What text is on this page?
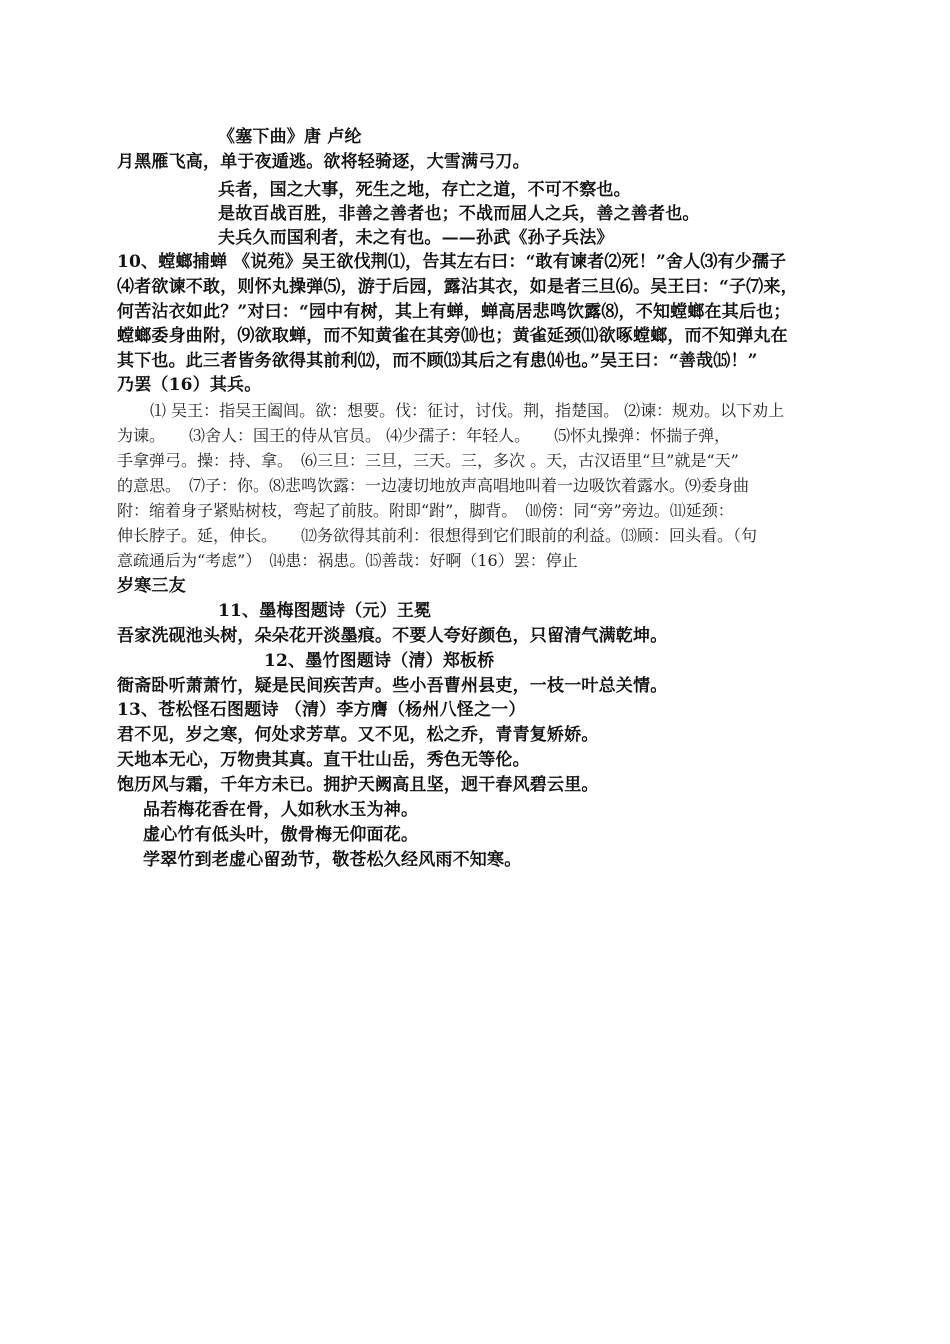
《塞下曲》唐 卢纶
月黑雁飞高，单于夜遁逃。欲将轻骑逐，大雪满弓刀。
兵者，国之大事，死生之地，存亡之道，不可不察也。
是故百战百胜，非善之善者也；不战而屈人之兵，善之善者也。
夫兵久而国利者，未之有也。——孙武《孙子兵法》
10、螳螂捕蝉 《说苑》吴王欲伐荆⑴，告其左右曰：“敢有谏者⑵死！”舍人⑶有少孺子
⑷者欲谏不敢，则怀丸操弹⑸，游于后园，露沾其衣，如是者三旦⑹。吴王曰：“子⑺来，
何苦沾衣如此？”对曰：“园中有树，其上有蝉，蝉高居悲鸣饮露⑻，不知螳螂在其后也；
螳螂委身曲附，⑼欲取蝉，而不知黄雀在其旁⑽也；黄雀延颈⑾欲啄螳螂，而不知弹丸在
其下也。此三者皆务欲得其前利⑿，而不顾⒀其后之有患⒁也。”吴王曰：“善哉⒂！”
乃罢（16）其兵。
⑴ 吴王：指吴王阖闾。欲：想要。伐：征讨，讨伐。荆，指楚国。 ⑵谏：规劝。以下劝上
为谏。　　⑶舍人：国王的侍从官员。 ⑷少孺子：年轻人。　　⑸怀丸操弹：怀揣子弹，
手拿弹弓。操：持、拿。　⑹三旦：三旦，三天。三，多次 。天，古汉语里“旦”就是“天”
的意思。　⑺子：你。⑻悲鸣饮露：一边凄切地放声高唱地叫着一边吸饮着露水。⑼委身曲
附：缩着身子紧贴树枝，弯起了前肢。附即“跗”，脚背。　⑽傍：同“旁”旁边。⑾延颈：
伸长脖子。延，伸长。　　⑿务欲得其前利：很想得到它们眼前的利益。⒀顾：回头看。（句
意疏通后为“考虑”）　⒁患：祸患。⒂善哉：好啊（16）罢：停止
岁寒三友
11、墨梅图题诗（元）王冕
吾家洗砚池头树，朵朵花开淡墨痕。不要人夸好颜色，只留清气满乾坤。
12、墨竹图题诗（清）郑板桥
衙斋卧听萧萧竹，疑是民间疾苦声。些小吾曹州县吏，一枝一叶总关情。
13、苍松怪石图题诗 （清）李方膺（杨州八怪之一）
君不见，岁之寒，何处求芳草。又不见，松之乔，青青复矫娇。
天地本无心，万物贵其真。直干壮山岳，秀色无等伦。
饱历风与霜，千年方未已。拥护天阙高且坚，迥干春风碧云里。
品若梅花香在骨，人如秋水玉为神。
虚心竹有低头叶，傲骨梅无仰面花。
学翠竹到老虚心留劲节，敬苍松久经风雨不知寒。
